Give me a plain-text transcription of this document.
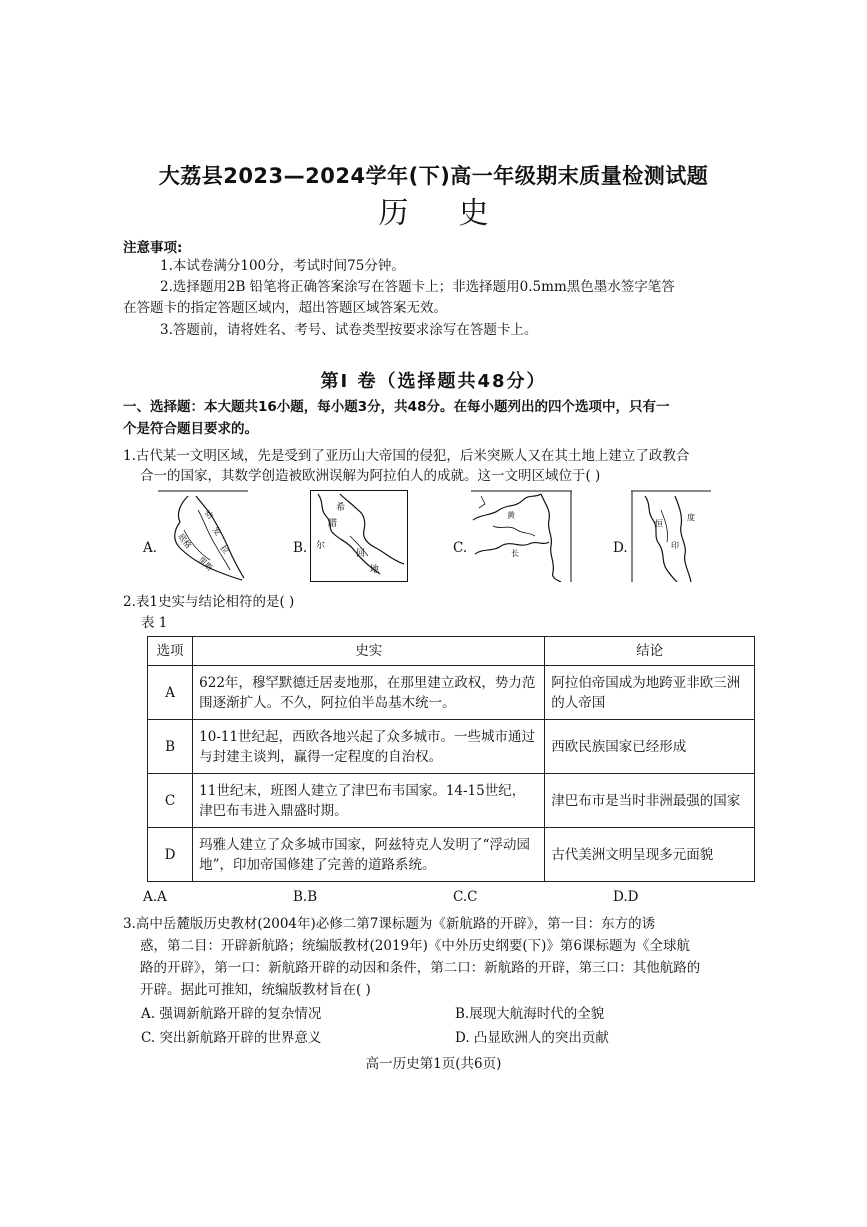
大荔县2023—2024学年(下)高一年级期末质量检测试题
历史
注意事项:
1.本试卷满分100分，考试时间75分钟。
2.选择题用2B 铅笔将正确答案涂写在答题卡上；非选择题用0.5mm黑色墨水签字笔答
在答题卡的指定答题区域内，超出答题区域答案无效。
3.答题前，请将姓名、考号、试卷类型按要求涂写在答题卡上。
第I 卷（选择题共48分）
一、选择题：本大题共16小题，每小题3分，共48分。在每小题列出的四个选项中，只有一
个是符合题目要求的。
1.古代某一文明区域，先是受到了亚历山大帝国的侵犯，后米突厥人又在其土地上建立了政教合
合一的国家，其数学创造被欧洲误解为阿拉伯人的成就。这一文明区域位于( )
A.
幼
发
拉
底格
里斯
B.
希
腊
回
地
尔	C.
黄
长	D.
恒
印
度
2.表1史实与结论相符的是( )
表 1
选项	史实	结论
A	622年，穆罕默德迁居麦地那，在那里建立政权，势力范围逐渐扩人。不久，阿拉伯半岛基木统一。	阿拉伯帝国成为地跨亚非欧三洲的人帝国
B	10-11世纪起，西欧各地兴起了众多城市。一些城市通过与封建主谈判，赢得一定程度的自治权。	西欧民族国家已经形成
C	11世纪末，班图人建立了津巴布韦国家。14-15世纪，津巴布韦进入鼎盛时期。	津巴布市是当时非洲最强的国家
D	玛雅人建立了众多城市国家，阿兹特克人发明了“浮动园地”，印加帝国修建了完善的道路系统。	古代美洲文明呈现多元面貌
A.A	B.B	C.C	D.D
3.高中岳麓版历史教材(2004年)必修二第7课标题为《新航路的开辟》，第一目：东方的诱
惑，第二目：开辟新航路；统编版教材(2019年)《中外历史纲要(下)》第6课标题为《全球航
路的开辟》，第一口：新航路开辟的动因和条件，第二口：新航路的开辟，第三口：其他航路的
开辟。据此可推知，统编版教材旨在( )
A. 强调新航路开辟的复杂情况	B.展现大航海时代的全貌
C. 突出新航路开辟的世界意义	D. 凸显欧洲人的突出贡献
高一历史第1页(共6页)
